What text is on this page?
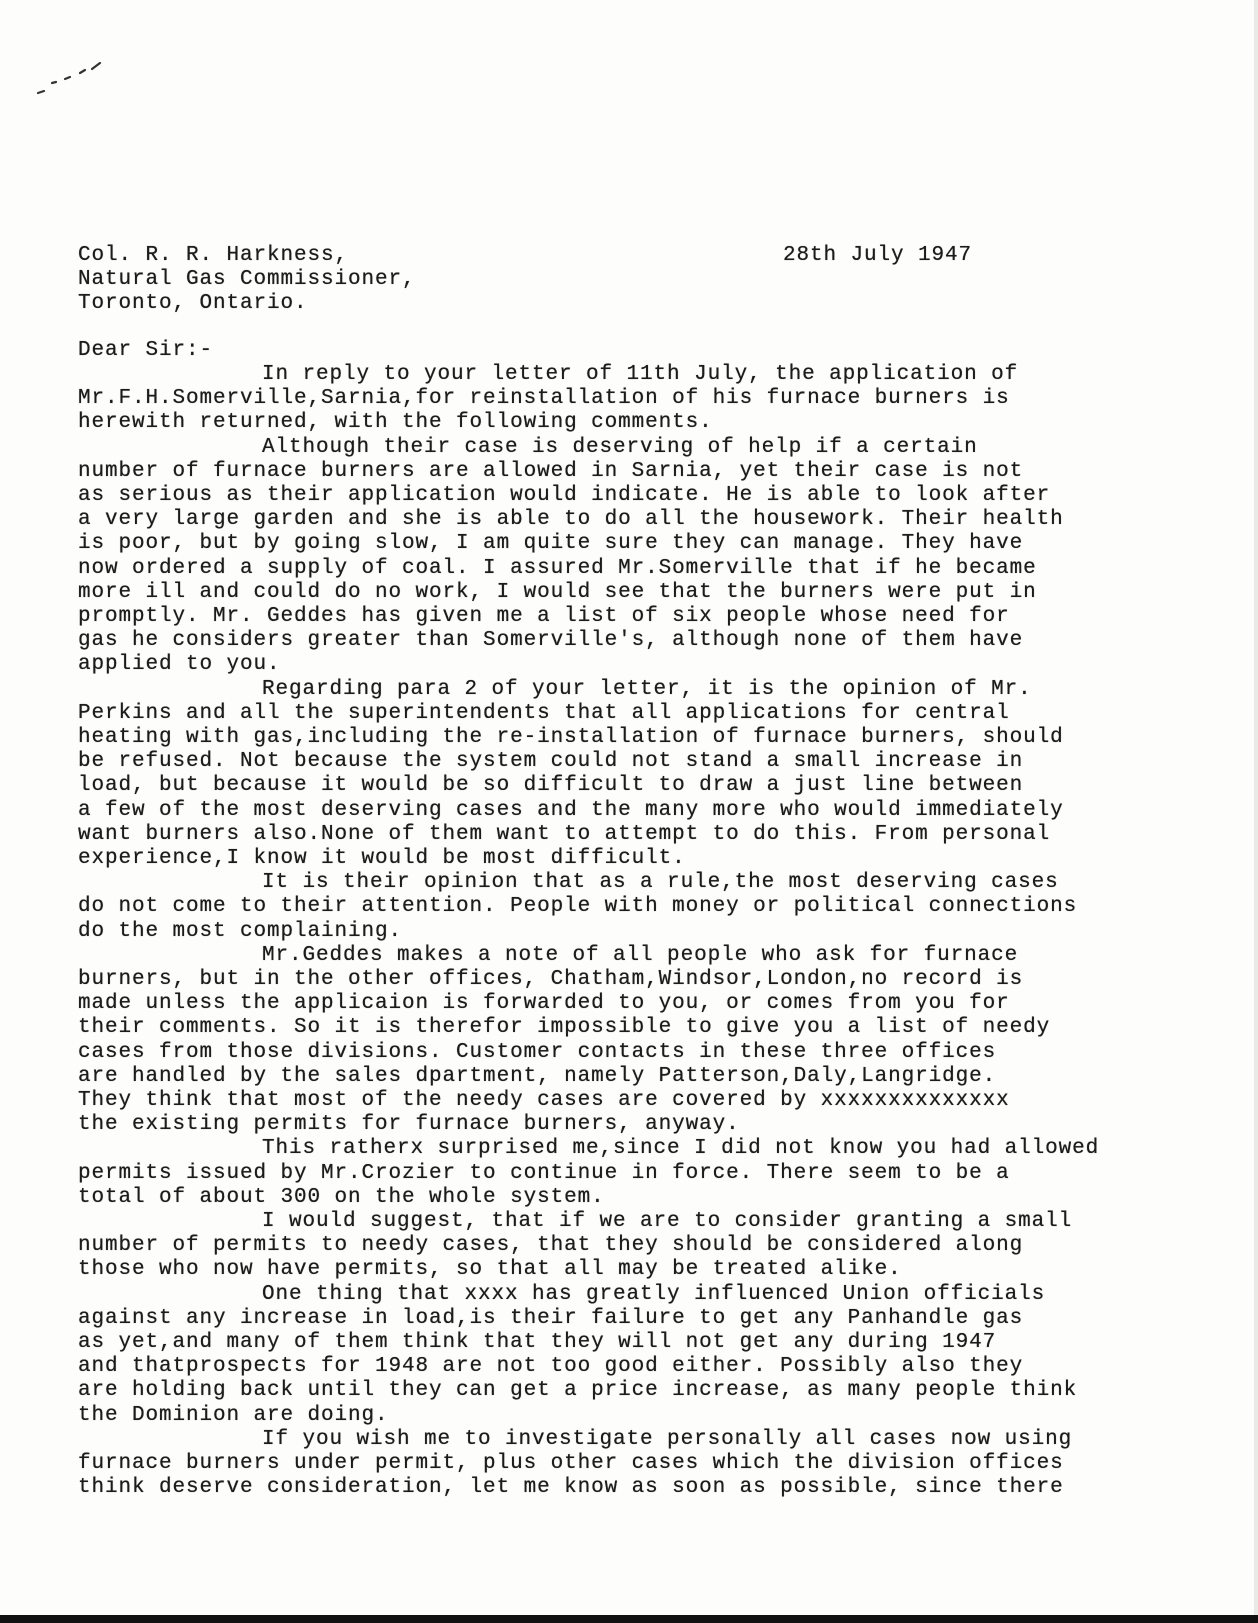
28th July 1947
Col. R. R. Harkness,
Natural Gas Commissioner,
Toronto, Ontario.
Dear Sir:-
In reply to your letter of 11th July, the application of
Mr.F.H.Somerville,Sarnia,for reinstallation of his furnace burners is
herewith returned, with the following comments.
Although their case is deserving of help if a certain
number of furnace burners are allowed in Sarnia, yet their case is not
as serious as their application would indicate. He is able to look after
a very large garden and she is able to do all the housework. Their health
is poor, but by going slow, I am quite sure they can manage. They have
now ordered a supply of coal. I assured Mr.Somerville that if he became
more ill and could do no work, I would see that the burners were put in
promptly. Mr. Geddes has given me a list of six people whose need for
gas he considers greater than Somerville's, although none of them have
applied to you.
Regarding para 2 of your letter, it is the opinion of Mr.
Perkins and all the superintendents that all applications for central
heating with gas,including the re-installation of furnace burners, should
be refused. Not because the system could not stand a small increase in
load, but because it would be so difficult to draw a just line between
a few of the most deserving cases and the many more who would immediately
want burners also.None of them want to attempt to do this. From personal
experience,I know it would be most difficult.
It is their opinion that as a rule,the most deserving cases
do not come to their attention. People with money or political connections
do the most complaining.
Mr.Geddes makes a note of all people who ask for furnace
burners, but in the other offices, Chatham,Windsor,London,no record is
made unless the applicaion is forwarded to you, or comes from you for
their comments. So it is therefor impossible to give you a list of needy
cases from those divisions. Customer contacts in these three offices
are handled by the sales dpartment, namely Patterson,Daly,Langridge.
They think that most of the needy cases are covered by xxxxxxxxxxxxxx
the existing permits for furnace burners, anyway.
This ratherx surprised me,since I did not know you had allowed
permits issued by Mr.Crozier to continue in force. There seem to be a
total of about 300 on the whole system.
I would suggest, that if we are to consider granting a small
number of permits to needy cases, that they should be considered along
those who now have permits, so that all may be treated alike.
One thing that xxxx has greatly influenced Union officials
against any increase in load,is their failure to get any Panhandle gas
as yet,and many of them think that they will not get any during 1947
and thatprospects for 1948 are not too good either. Possibly also they
are holding back until they can get a price increase, as many people think
the Dominion are doing.
If you wish me to investigate personally all cases now using
furnace burners under permit, plus other cases which the division offices
think deserve consideration, let me know as soon as possible, since there
